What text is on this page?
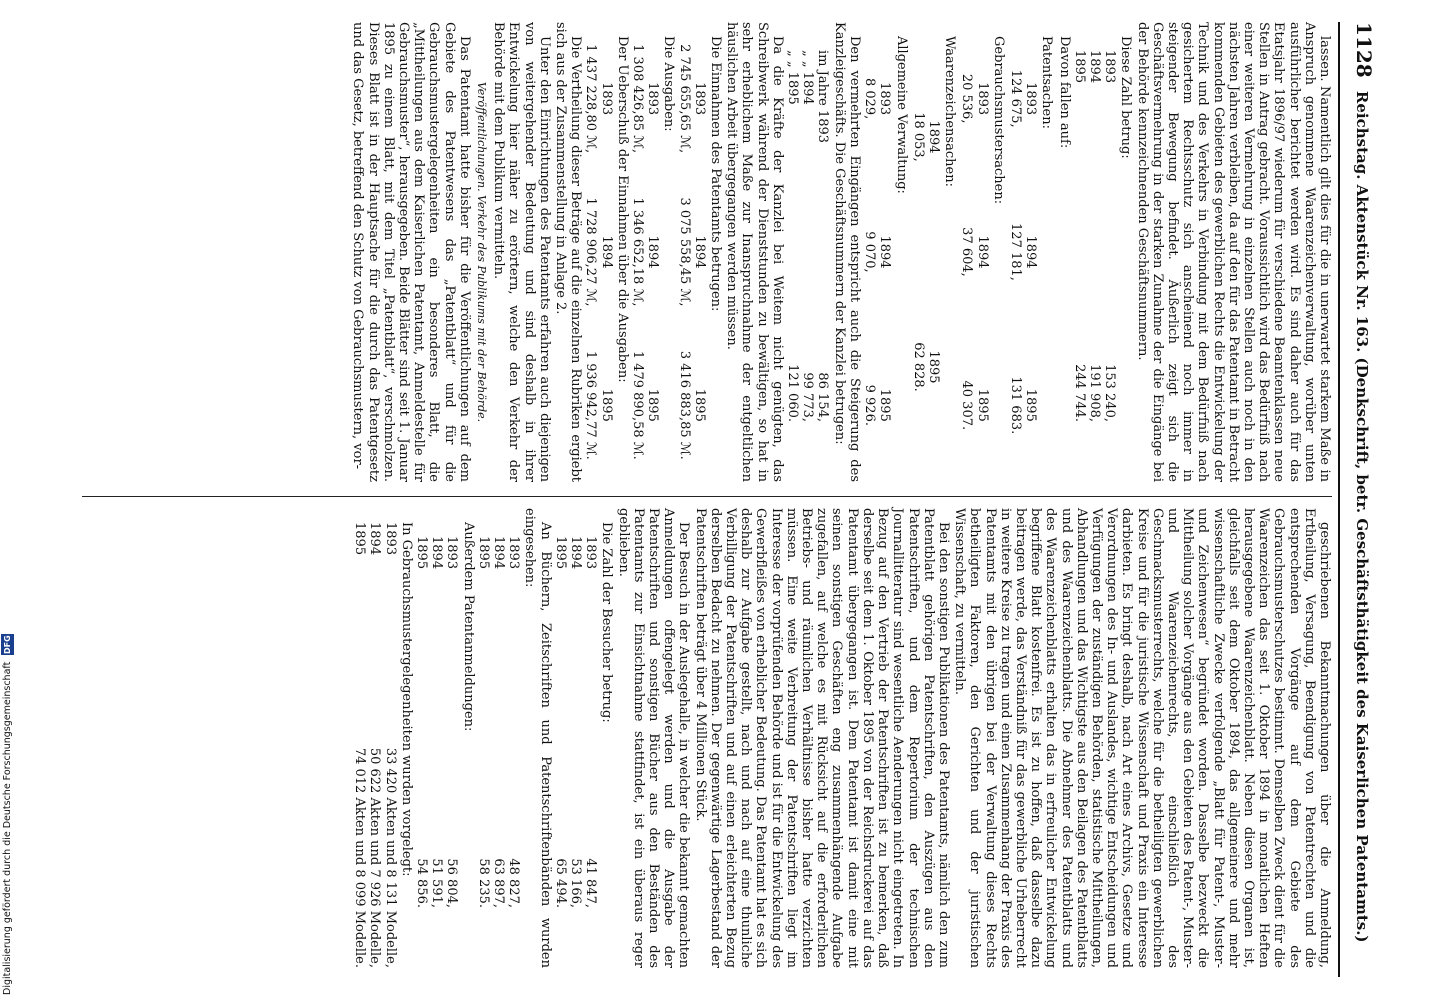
1128 Reichstag. Aktenstück Nr. 163. (Denkschrift, betr. Geschäftsthätigkeit des Kaiserlichen Patentamts.)

lassen. Namentlich gilt dies für die in unerwartet starkem Maße in Anspruch genommene Waarenzeichenverwaltung, worüber unten ausführlicher berichtet werden wird. Es sind daher auch für das Etatsjahr 1896/97 wiederum für verschiedene Beamtenklassen neue Stellen in Antrag gebracht. Voraussichtlich wird das Bedürfniß nach einer weiteren Vermehrung in einzelnen Stellen auch noch in den nächsten Jahren verbleiben, da auf den für das Patentamt in Betracht kommenden Gebieten des gewerblichen Rechts die Entwickelung der Technik und des Verkehrs in Verbindung mit dem Bedürfniß nach gesichertem Rechtsschutz sich anscheinend noch immer in steigender Bewegung befindet. Äußerlich zeigt sich die Geschäftsvermehrung in der starken Zunahme der die Eingänge bei der Behörde kennzeichnenden Geschäftsnummern.

Diese Zahl betrug:

1893
153 240,
1894
191 908,
1895
244 744.

Davon fallen auf:

Patentsachen:
1893
1894
1895
124 675,
127 181,
131 683.
Gebrauchsmustersachen:
1893
1894
1895
20 536,
37 604,
40 307.
Waarenzeichensachen:
1894
1895
18 053,
62 828.
Allgemeine Verwaltung:
1893
1894
1895
8 029,
9 070,
9 926.

Den vermehrten Eingängen entspricht auch die Steigerung des Kanzleigeschäfts. Die Geschäftsnummern der Kanzlei betrugen:

im Jahre 1893
86 154,
„ „ 1894
99 773,
„ „ 1895
121 060.

Da die Kräfte der Kanzlei bei Weitem nicht genügten, das Schreibwerk während der Dienststunden zu bewältigen, so hat in sehr erheblichem Maße zur Inanspruchnahme der entgeltlichen häuslichen Arbeit übergegangen werden müssen.

Die Einnahmen des Patentamts betrugen:

1893
1894
1895
2 745 655,65 ℳ,
3 075 558,45 ℳ,
3 416 883,85 ℳ.

Die Ausgaben:

1893
1894
1895
1 308 426,85 ℳ,
1 346 652,18 ℳ,
1 479 890,58 ℳ.

Der Ueberschuß der Einnahmen über die Ausgaben:

1893
1894
1895
1 437 228,80 ℳ,
1 728 906,27 ℳ,
1 936 942,77 ℳ.

Die Vertheilung dieser Beträge auf die einzelnen Rubriken ergiebt sich aus der Zusammenstellung in Anlage 2.

Unter den Einrichtungen des Patentamts erfahren auch diejenigen von weitergehender Bedeutung und sind deshalb in ihrer Entwickelung hier näher zu erörtern, welche den Verkehr der Behörde mit dem Publikum vermitteln.

Veröffentlichungen. Verkehr des Publikums mit der Behörde.

Das Patentamt hatte bisher für die Veröffentlichungen auf dem Gebiete des Patentwesens das „Patentblatt“ und für die Gebrauchsmustergelegenheiten ein besonderes Blatt, die „Mittheilungen aus dem Kaiserlichen Patentamt, Anmeldestelle für Gebrauchsmuster“, herausgegeben. Beide Blätter sind seit 1. Januar 1895 zu einem Blatt, mit dem Titel „Patentblatt“, verschmolzen. Dieses Blatt ist in der Hauptsache für die durch das Patentgesetz und das Gesetz, betreffend den Schutz von Gebrauchsmustern, vor-

geschriebenen Bekanntmachungen über die Anmeldung, Ertheilung, Versagung, Beendigung von Patentrechten und die entsprechenden Vorgänge auf dem Gebiete des Gebrauchsmusterschutzes bestimmt. Demselben Zweck dient für die Waarenzeichen das seit 1. Oktober 1894 in monatlichen Heften herausgegebene Waarenzeichenblatt. Neben diesen Organen ist, gleichfalls seit dem Oktober 1894, das allgemeinere und mehr wissenschaftliche Zwecke verfolgende „Blatt für Patent-, Muster- und Zeichenwesen“ begründet worden. Dasselbe bezweckt die Mittheilung solcher Vorgänge aus den Gebieten des Patent-, Muster- und Waarenzeichenrechts, einschließlich des Geschmacksmusterrechts, welche für die betheiligten gewerblichen Kreise und für die juristische Wissenschaft und Praxis ein Interesse darbieten. Es bringt deshalb, nach Art eines Archivs, Gesetze und Verordnungen des In- und Auslandes, wichtige Entscheidungen und Verfügungen der zuständigen Behörden, statistische Mittheilungen, Abhandlungen und das Wichtigste aus den Beilagen des Patentblatts und des Waarenzeichenblatts. Die Abnehmer des Patentblatts und des Waarenzeichenblatts erhalten das in erfreulicher Entwickelung begriffene Blatt kostenfrei. Es ist zu hoffen, daß dasselbe dazu beitragen werde, das Verständniß für das gewerbliche Urheberrecht in weitere Kreise zu tragen und einen Zusammenhang der Praxis des Patentamts mit den übrigen bei der Verwaltung dieses Rechts betheiligten Faktoren, den Gerichten und der juristischen Wissenschaft, zu vermitteln.

Bei den sonstigen Publikationen des Patentamts, nämlich den zum Patentblatt gehörigen Patentschriften, den Auszügen aus den Patentschriften, und dem Repertorium der technischen Journallitteratur sind wesentliche Aenderungen nicht eingetreten. In Bezug auf den Vertrieb der Patentschriften ist zu bemerken, daß derselbe seit dem 1. Oktober 1895 von der Reichsdruckerei auf das Patentamt übergegangen ist. Dem Patentamt ist damit eine mit seinen sonstigen Geschäften eng zusammenhängende Aufgabe zugefallen, auf welche es mit Rücksicht auf die erforderlichen Betriebs- und räumlichen Verhältnisse bisher hatte verzichten müssen. Eine weite Verbreitung der Patentschriften liegt im Interesse der vorprüfenden Behörde und ist für die Entwickelung des Gewerbfleißes von erheblicher Bedeutung. Das Patentamt hat es sich deshalb zur Aufgabe gestellt, nach und nach auf eine thunliche Verbilligung der Patentschriften und auf einen erleichterten Bezug derselben Bedacht zu nehmen. Der gegenwärtige Lagerbestand der Patentschriften beträgt über 4 Millionen Stück.

Der Besuch in der Auslegehalle, in welcher die bekannt gemachten Anmeldungen offengelegt werden und die Ausgabe der Patentschriften und sonstigen Bücher aus den Beständen des Patentamts zur Einsichtnahme stattfindet, ist ein überaus reger geblieben.

Die Zahl der Besucher betrug:

1893
41 847,
1894
53 166,
1895
65 494.

An Büchern, Zeitschriften und Patentschriftenbänden wurden eingesehen:

1893
48 827,
1894
63 897,
1895
58 235.

Außerdem Patentanmeldungen:

1893
56 804,
1894
51 591,
1895
54 856.

In Gebrauchsmustergelegenheiten wurden vorgelegt:

1893
33 420 Akten und 8 131 Modelle,
1894
50 622 Akten und 7 926 Modelle,
1895
74 012 Akten und 8 099 Modelle.
Digitalisierung gefördert durch die Deutsche Forschungsgemeinschaft DFG
